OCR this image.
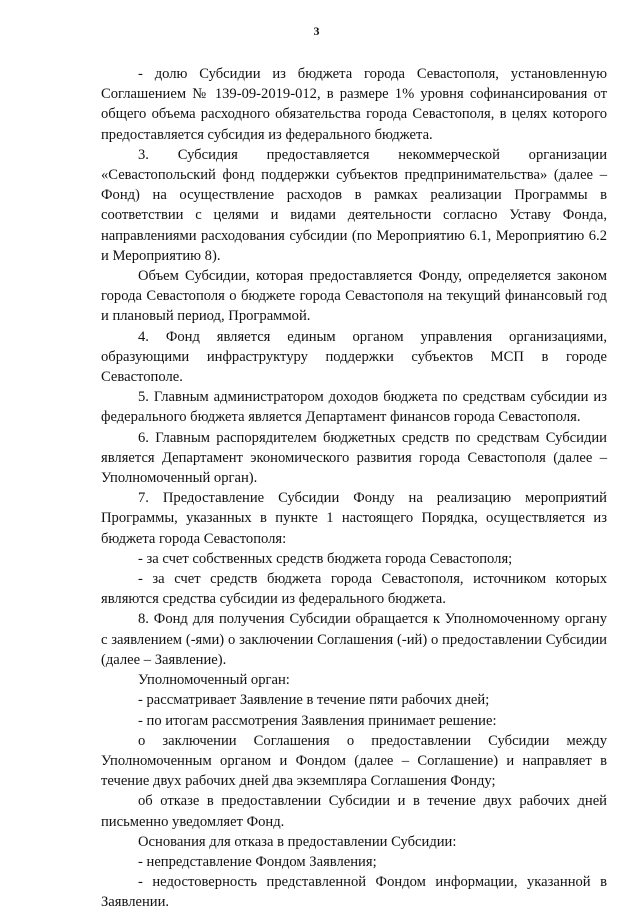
3

- долю Субсидии из бюджета города Севастополя, установленную Соглашением № 139-09-2019-012, в размере 1% уровня софинансирования от общего объема расходного обязательства города Севастополя, в целях которого предоставляется субсидия из федерального бюджета.

3. Субсидия предоставляется некоммерческой организации «Севастопольский фонд поддержки субъектов предпринимательства» (далее – Фонд) на осуществление расходов в рамках реализации Программы в соответствии с целями и видами деятельности согласно Уставу Фонда, направлениями расходования субсидии (по Мероприятию 6.1, Мероприятию 6.2 и Мероприятию 8).

Объем Субсидии, которая предоставляется Фонду, определяется законом города Севастополя о бюджете города Севастополя на текущий финансовый год и плановый период, Программой.

4. Фонд является единым органом управления организациями, образующими инфраструктуру поддержки субъектов МСП в городе Севастополе.

5. Главным администратором доходов бюджета по средствам субсидии из федерального бюджета является Департамент финансов города Севастополя.

6. Главным распорядителем бюджетных средств по средствам Субсидии является Департамент экономического развития города Севастополя (далее – Уполномоченный орган).

7. Предоставление Субсидии Фонду на реализацию мероприятий Программы, указанных в пункте 1 настоящего Порядка, осуществляется из бюджета города Севастополя:

- за счет собственных средств бюджета города Севастополя;

- за счет средств бюджета города Севастополя, источником которых являются средства субсидии из федерального бюджета.

8. Фонд для получения Субсидии обращается к Уполномоченному органу с заявлением (-ями) о заключении Соглашения (-ий) о предоставлении Субсидии (далее – Заявление).

Уполномоченный орган:

- рассматривает Заявление в течение пяти рабочих дней;

- по итогам рассмотрения Заявления принимает решение:

о заключении Соглашения о предоставлении Субсидии между Уполномоченным органом и Фондом (далее – Соглашение) и направляет в течение двух рабочих дней два экземпляра Соглашения Фонду;

об отказе в предоставлении Субсидии и в течение двух рабочих дней письменно уведомляет Фонд.

Основания для отказа в предоставлении Субсидии:

- непредставление Фондом Заявления;

- недостоверность представленной Фондом информации, указанной в Заявлении.
